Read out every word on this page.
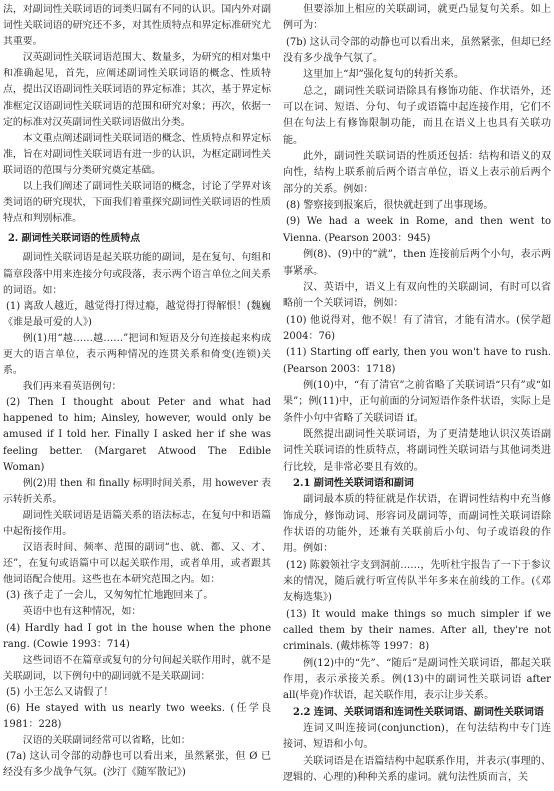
法，对副词性关联词语的词类归属有不同的认识。国内外对副词性关联词语的研究还不多，对其性质特点和界定标准研究尤其重要。

汉英副词性关联词语范围大、数量多，为研究的相对集中和准确起见，首先，应阐述副词性关联词语的概念、性质特点，提出汉语副词性关联词语的界定标准；其次，基于界定标准框定汉语副词性关联词语的范围和研究对象；再次，依据一定的标准对汉英副词性关联词语做出分类。

本文重点阐述副词性关联词语的概念、性质特点和界定标准，旨在对副词性关联词语有进一步的认识，为框定副词性关联词语的范围与分类研究奠定基础。

以上我们阐述了副词性关联词语的概念，讨论了学界对该类词语的研究现状，下面我们着重探究副词性关联词语的性质特点和判别标准。

2. 副词性关联词语的性质特点

副词性关联词语是起关联功能的副词，是在复句、句组和篇章段落中用来连接分句或段落，表示两个语言单位之间关系的词语。如：

(1) 离敌人越近，越觉得打得过瘾，越觉得打得解恨！(魏巍《谁是最可爱的人》)

例(1)用“越……越……”把词和短语及分句连接起来构成更大的语言单位，表示两种情况的连贯关系和倚变(连锁)关系。

我们再来看英语例句：

(2) Then I thought about Peter and what had happened to him; Ainsley, however, would only be amused if I told her. Finally I asked her if she was feeling better. (Margaret Atwood The Edible Woman)

例(2)用 then 和 finally 标明时间关系，用 however 表示转折关系。

副词性关联词语是语篇关系的语法标志，在复句中和语篇中起衔接作用。

汉语表时间、频率、范围的副词“也、就、都、又、才、还”，在复句或语篇中可以起关联作用，或者单用，或者跟其他词语配合使用。这些也在本研究范围之内。如：

(3) 孩子走了一会儿，又匆匆忙忙地跑回来了。

英语中也有这种情况，如：

(4) Hardly had I got in the house when the phone rang. (Cowie 1993：714)

这些词语不在篇章或复句的分句间起关联作用时，就不是关联副词，以下例句中的副词就不是关联副词：

(5) 小王怎么又请假了！

(6) He stayed with us nearly two weeks. (任学良 1981：228)

汉语的关联副词经常可以省略，比如：

(7a) 这认司令部的动静也可以看出来，虽然紧张，但 Ø 已经没有多少战争气氛。(沙汀《随军散记》)

但要添加上相应的关联副词，就更凸显复句关系。如上例可为：

(7b) 这认司令部的动静也可以看出来，虽然紧张，但却已经没有多少战争气氛了。

这里加上“却”强化复句的转折关系。

总之，副词性关联词语除具有修饰功能、作状语外，还可以在词、短语、分句、句子或语篇中起连接作用，它们不但在句法上有修饰限制功能，而且在语义上也具有关联功能。

此外，副词性关联词语的性质还包括：结构和语义的双向性，结构上联系前后两个语言单位，语义上表示前后两个部分的关系。例如：

(8) 警察接到报案后，很快就赶到了出事现场。

(9) We had a week in Rome, and then went to Vienna. (Pearson 2003：945)

例(8)、(9)中的“就”，then 连接前后两个小句，表示两事紧承。

汉、英语中，语义上有双向性的关联副词，有时可以省略前一个关联词语，例如：

(10) 他说得对，他不娱！有了清官，才能有清水。(侯学超 2004：76)

(11) Starting off early, then you won't have to rush. (Pearson 2003：1718)

例(10)中，“有了清官”之前省略了关联词语“只有”或“如果”；例(11)中，正句前面的分词短语作条件状语，实际上是条件小句中省略了关联词语 if。

既然提出副词性关联词语，为了更清楚地认识汉英语副词性关联词语的性质特点，将副词性关联词语与其他词类进行比较，是非常必要且有效的。

2.1 副词性关联词语和副词

副词最本质的特征就是作状语，在谓词性结构中充当修饰成分，修饰动词、形容词及副词等，而副词性关联词语除作状语的功能外，还兼有关联前后小句、句子或语段的作用。例如：

(12) 陈毅领社字支到洞前……，先听杜宇报告了一下于参议来的情况，随后就行听宣传队半年多来在前线的工作。(《邓友梅选集》)

(13) It would make things so much simpler if we called them by their names. After all, they're not criminals. (戴炜栋等 1997：8)

例(12)中的“先”、“随后”是副词性关联词语，都起关联作用，表示承接关系。例(13)中的副词性关联词语 after all(毕竟)作状语，起关联作用，表示让步关系。

2.2 连词、关联词语和连词性关联词语、副词性关联词语

连词又叫连接词(conjunction)，在句法结构中专门连接词、短语和小句。

关联词语是在语篇结构中起联系作用，并表示(事理的、逻辑的、心理的)种种关系的虚词。就句法性质而言，关
